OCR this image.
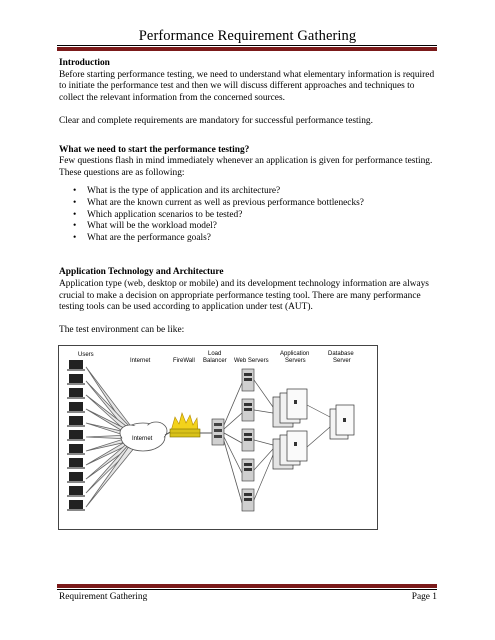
Performance Requirement Gathering

Introduction

Before starting performance testing, we need to understand what elementary information is required to initiate the performance test and then we will discuss different approaches and techniques to collect the relevant information from the concerned sources.

Clear and complete requirements are mandatory for successful performance testing.

What we need to start the performance testing?

Few questions flash in mind immediately whenever an application is given for performance testing. These questions are as following:

• What is the type of application and its architecture?
• What are the known current as well as previous performance bottlenecks?
• Which application scenarios to be tested?
• What will be the workload model?
• What are the performance goals?

Application Technology and Architecture

Application type (web, desktop or mobile) and its development technology information are always crucial to make a decision on appropriate performance testing tool. There are many performance testing tools can be used according to application under test (AUT).

The test environment can be like:

Users
Internet	FireWall
Load
Balancer Web Servers
Application
Servers
Database
Server
Internet
Requirement Gathering	Page 1
